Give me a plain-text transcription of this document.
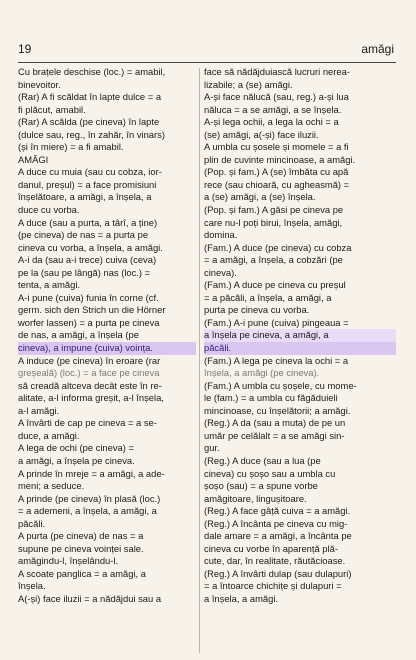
19	amăgi
Cu brațele deschise (loc.) = amabil,
binevoitor.
(Rar) A fi scăldat în lapte dulce = a
fi plăcut, amabil.
(Rar) A scălda (pe cineva) în lapte
(dulce sau, reg., în zahăr, în vinars)
(și în miere) = a fi amabil.
AMĂGI
A duce cu muia (sau cu cobza, ior-
danul, preșul) = a face promisiuni
înșelătoare, a amăgi, a înșela, a
duce cu vorba.
A duce (sau a purta, a târî, a ține)
(pe cineva) de nas = a purta pe
cineva cu vorba, a înșela, a amăgi.
A-i da (sau a-i trece) cuiva (ceva)
pe la (sau pe lângă) nas (loc.) =
tenta, a amăgi.
A-i pune (cuiva) funia în corne (cf.
germ. sich den Strich un die Hörner
worfer lassen) = a purta pe cineva
de nas, a amăgi, a înșela (pe
cineva), a impune (cuiva) voința.
A induce (pe cineva) în eroare (rar
greșeală) (loc.) = a face pe cineva
să creadă altceva decât este în re-
alitate, a-l informa greșit, a-l înșela,
a-l amăgi.
A învârti de cap pe cineva = a se-
duce, a amăgi.
A lega de ochi (pe cineva) =
a amăgi, a înșela pe cineva.
A prinde în mreje = a amăgi, a ade-
meni; a seduce.
A prinde (pe cineva) în plasă (loc.)
= a ademeni, a înșela, a amăgi, a
păcăli.
A purta (pe cineva) de nas = a
supune pe cineva voinței sale.
amăgindu-l, înșelându-l.
A scoate panglica = a amăgi, a
înșela.
A(-și) face iluzii = a nădăjdui sau a
face să nădăjduiască lucruri nerea-
lizabile; a (se) amăgi.
A-și face nălucă (sau, reg.) a-și lua
năluca = a se amăgi, a se înșela.
A-și lega ochii, a lega la ochi = a
(se) amăgi, a(-și) face iluzii.
A umbla cu șosele și momele = a fi
plin de cuvinte mincinoase, a amăgi.
(Pop. și fam.) A (se) îmbăta cu apă
rece (sau chioară, cu agheasmă) =
a (se) amăgi, a (se) înșela.
(Pop. și fam.) A găsi pe cineva pe
care nu-l poți birui, înșela, amăgi,
domina.
(Fam.) A duce (pe cineva) cu cobza
= a amăgi, a înșela, a cobzări (pe
cineva).
(Fam.) A duce pe cineva cu preșul
= a păcăli, a înșela, a amăgi, a
purta pe cineva cu vorba.
(Fam.) A-i pune (cuiva) pingeaua =
a înșela pe cineva, a amăgi, a
păcăli.
(Fam.) A lega pe cineva la ochi = a
înșela, a amăgi (pe cineva).
(Fam.) A umbla cu șoșele, cu mome-
le (fam.) = a umbla cu făgăduieli
mincinoase, cu înșelătorii; a amăgi.
(Reg.) A da (sau a muta) de pe un
umăr pe celălalt = a se amăgi sin-
gur.
(Reg.) A duce (sau a lua (pe
cineva) cu șoșo sau a umbla cu
șoșo (sau) = a spune vorbe
amăgitoare, lingușitoare.
(Reg.) A face gâță cuiva = a amăgi.
(Reg.) A încânta pe cineva cu mig-
dale amare = a amăgi, a încânta pe
cineva cu vorbe în aparență plă-
cute, dar, în realitate, răutăcioase.
(Reg.) A învârti dulap (sau dulapuri)
= a întoarce chichițe și dulapuri =
a înșela, a amăgi.
